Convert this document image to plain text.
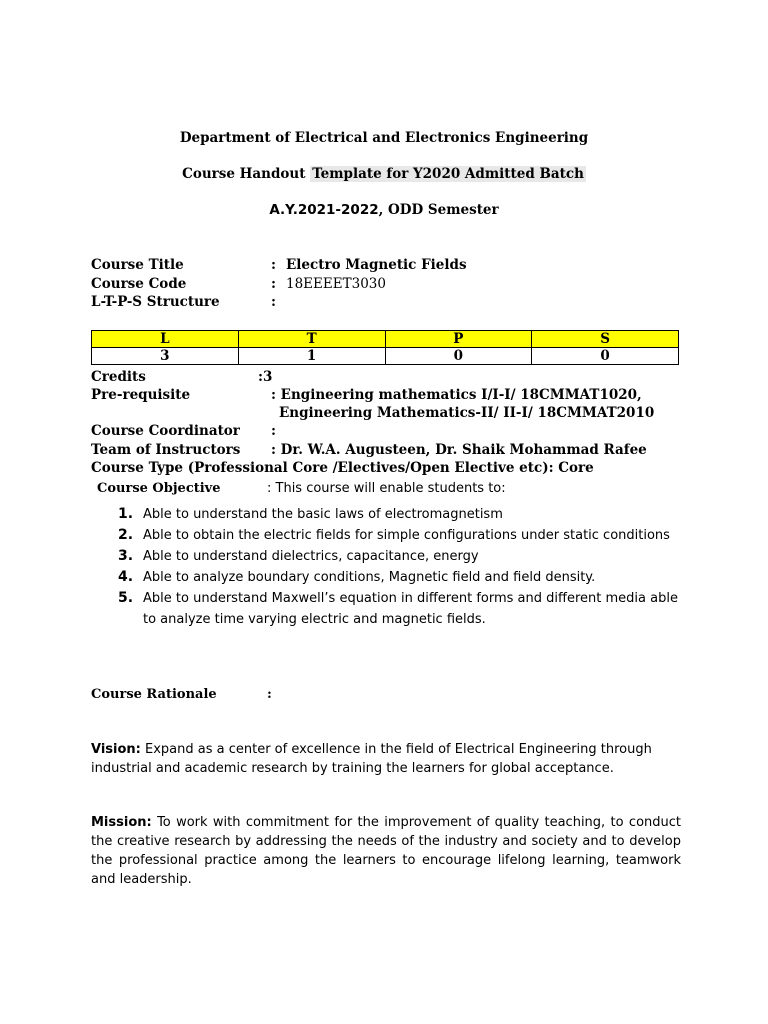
Department of Electrical and Electronics Engineering
Course Handout Template for Y2020 Admitted Batch
A.Y.2021-2022, ODD Semester
Course Title	: Electro Magnetic Fields
Course Code	: 18EEEET3030
L-T-P-S Structure	:
L	T	P	S
3	1	0	0
Credits	:3
Pre-requisite	: Engineering mathematics I/I-I/ 18CMMAT1020,
Engineering Mathematics-II/ II-I/ 18CMMAT2010
Course Coordinator :
Team of Instructors : Dr. W.A. Augusteen, Dr. Shaik Mohammad Rafee
Course Type (Professional Core /Electives/Open Elective etc): Core
Course Objective	: This course will enable students to:
1. Able to understand the basic laws of electromagnetism
2. Able to obtain the electric fields for simple configurations under static conditions
3. Able to understand dielectrics, capacitance, energy
4. Able to analyze boundary conditions, Magnetic field and field density.
5. Able to understand Maxwell’s equation in different forms and different media able to analyze time varying electric and magnetic fields.
Course Rationale	:
Vision: Expand as a center of excellence in the field of Electrical Engineering through industrial and academic research by training the learners for global acceptance.
Mission: To work with commitment for the improvement of quality teaching, to conduct the creative research by addressing the needs of the industry and society and to develop the professional practice among the learners to encourage lifelong learning, teamwork and leadership.
